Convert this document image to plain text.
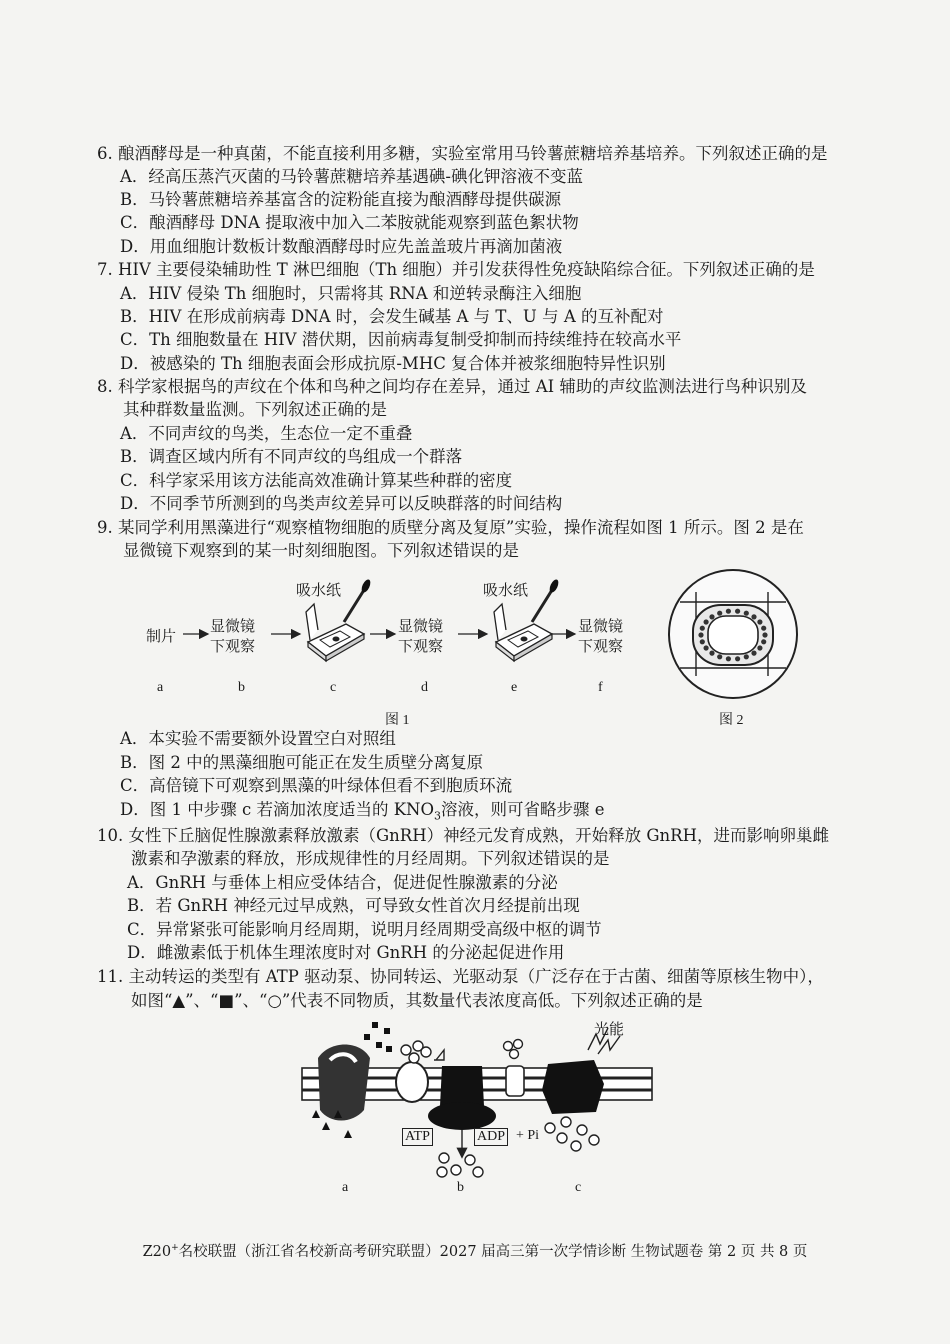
6. 酿酒酵母是一种真菌，不能直接利用多糖，实验室常用马铃薯蔗糖培养基培养。下列叙述正确的是
A．经高压蒸汽灭菌的马铃薯蔗糖培养基遇碘-碘化钾溶液不变蓝
B．马铃薯蔗糖培养基富含的淀粉能直接为酿酒酵母提供碳源
C．酿酒酵母 DNA 提取液中加入二苯胺就能观察到蓝色絮状物
D．用血细胞计数板计数酿酒酵母时应先盖盖玻片再滴加菌液
7. HIV 主要侵染辅助性 T 淋巴细胞（Th 细胞）并引发获得性免疫缺陷综合征。下列叙述正确的是
A．HIV 侵染 Th 细胞时，只需将其 RNA 和逆转录酶注入细胞
B．HIV 在形成前病毒 DNA 时，会发生碱基 A 与 T、U 与 A 的互补配对
C．Th 细胞数量在 HIV 潜伏期，因前病毒复制受抑制而持续维持在较高水平
D．被感染的 Th 细胞表面会形成抗原-MHC 复合体并被浆细胞特异性识别
8. 科学家根据鸟的声纹在个体和鸟种之间均存在差异，通过 AI 辅助的声纹监测法进行鸟种识别及
其种群数量监测。下列叙述正确的是
A．不同声纹的鸟类，生态位一定不重叠
B．调查区域内所有不同声纹的鸟组成一个群落
C．科学家采用该方法能高效准确计算某些种群的密度
D．不同季节所测到的鸟类声纹差异可以反映群落的时间结构
9. 某同学利用黑藻进行“观察植物细胞的质壁分离及复原”实验，操作流程如图 1 所示。图 2 是在
显微镜下观察到的某一时刻细胞图。下列叙述错误的是
制片
显微镜
下观察
吸水纸
显微镜
下观察
吸水纸
显微镜
下观察
a	b	c	d	e	f
图 1	图 2
A．本实验不需要额外设置空白对照组
B．图 2 中的黑藻细胞可能正在发生质壁分离复原
C．高倍镜下可观察到黑藻的叶绿体但看不到胞质环流
D．图 1 中步骤 c 若滴加浓度适当的 $KNO_3$溶液，则可省略步骤 e
10. 女性下丘脑促性腺激素释放激素（GnRH）神经元发育成熟，开始释放 GnRH，进而影响卵巢雌
激素和孕激素的释放，形成规律性的月经周期。下列叙述错误的是
A．GnRH 与垂体上相应受体结合，促进促性腺激素的分泌
B．若 GnRH 神经元过早成熟，可导致女性首次月经提前出现
C．异常紧张可能影响月经周期，说明月经周期受高级中枢的调节
D．雌激素低于机体生理浓度时对 GnRH 的分泌起促进作用
11. 主动转运的类型有 ATP 驱动泵、协同转运、光驱动泵（广泛存在于古菌、细菌等原核生物中），
如图“▲”、“■”、“○”代表不同物质，其数量代表浓度高低。下列叙述正确的是
光能
ATP	ADP + Pi
a	b	c
Z20+名校联盟（浙江省名校新高考研究联盟）2027 届高三第一次学情诊断 生物试题卷 第 2 页 共 8 页
